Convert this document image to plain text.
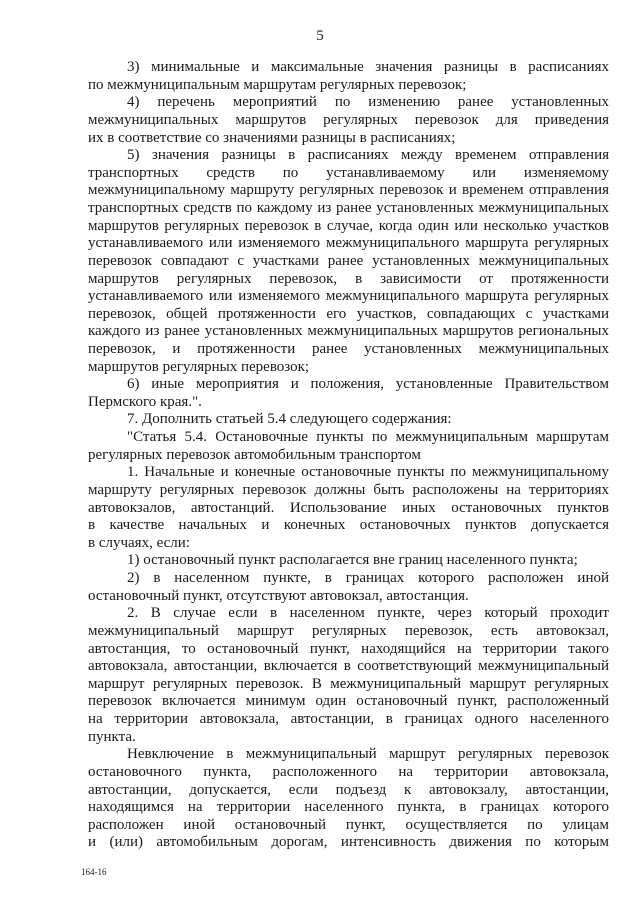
5
3) минимальные и максимальные значения разницы в расписаниях
по межмуниципальным маршрутам регулярных перевозок;
4) перечень мероприятий по изменению ранее установленных
межмуниципальных маршрутов регулярных перевозок для приведения
их в соответствие со значениями разницы в расписаниях;
5) значения разницы в расписаниях между временем отправления
транспортных средств по устанавливаемому или изменяемому
межмуниципальному маршруту регулярных перевозок и временем отправления
транспортных средств по каждому из ранее установленных межмуниципальных
маршрутов регулярных перевозок в случае, когда один или несколько участков
устанавливаемого или изменяемого межмуниципального маршрута регулярных
перевозок совпадают с участками ранее установленных межмуниципальных
маршрутов регулярных перевозок, в зависимости от протяженности
устанавливаемого или изменяемого межмуниципального маршрута регулярных
перевозок, общей протяженности его участков, совпадающих с участками
каждого из ранее установленных межмуниципальных маршрутов региональных
перевозок, и протяженности ранее установленных межмуниципальных
маршрутов регулярных перевозок;
6) иные мероприятия и положения, установленные Правительством
Пермского края.".
7. Дополнить статьей 5.4 следующего содержания:
"Статья 5.4. Остановочные пункты по межмуниципальным маршрутам
регулярных перевозок автомобильным транспортом
1. Начальные и конечные остановочные пункты по межмуниципальному
маршруту регулярных перевозок должны быть расположены на территориях
автовокзалов, автостанций. Использование иных остановочных пунктов
в качестве начальных и конечных остановочных пунктов допускается
в случаях, если:
1) остановочный пункт располагается вне границ населенного пункта;
2) в населенном пункте, в границах которого расположен иной
остановочный пункт, отсутствуют автовокзал, автостанция.
2. В случае если в населенном пункте, через который проходит
межмуниципальный маршрут регулярных перевозок, есть автовокзал,
автостанция, то остановочный пункт, находящийся на территории такого
автовокзала, автостанции, включается в соответствующий межмуниципальный
маршрут регулярных перевозок. В межмуниципальный маршрут регулярных
перевозок включается минимум один остановочный пункт, расположенный
на территории автовокзала, автостанции, в границах одного населенного
пункта.
Невключение в межмуниципальный маршрут регулярных перевозок
остановочного пункта, расположенного на территории автовокзала,
автостанции, допускается, если подъезд к автовокзалу, автостанции,
находящимся на территории населенного пункта, в границах которого
расположен иной остановочный пункт, осуществляется по улицам
и (или) автомобильным дорогам, интенсивность движения по которым
164-16
